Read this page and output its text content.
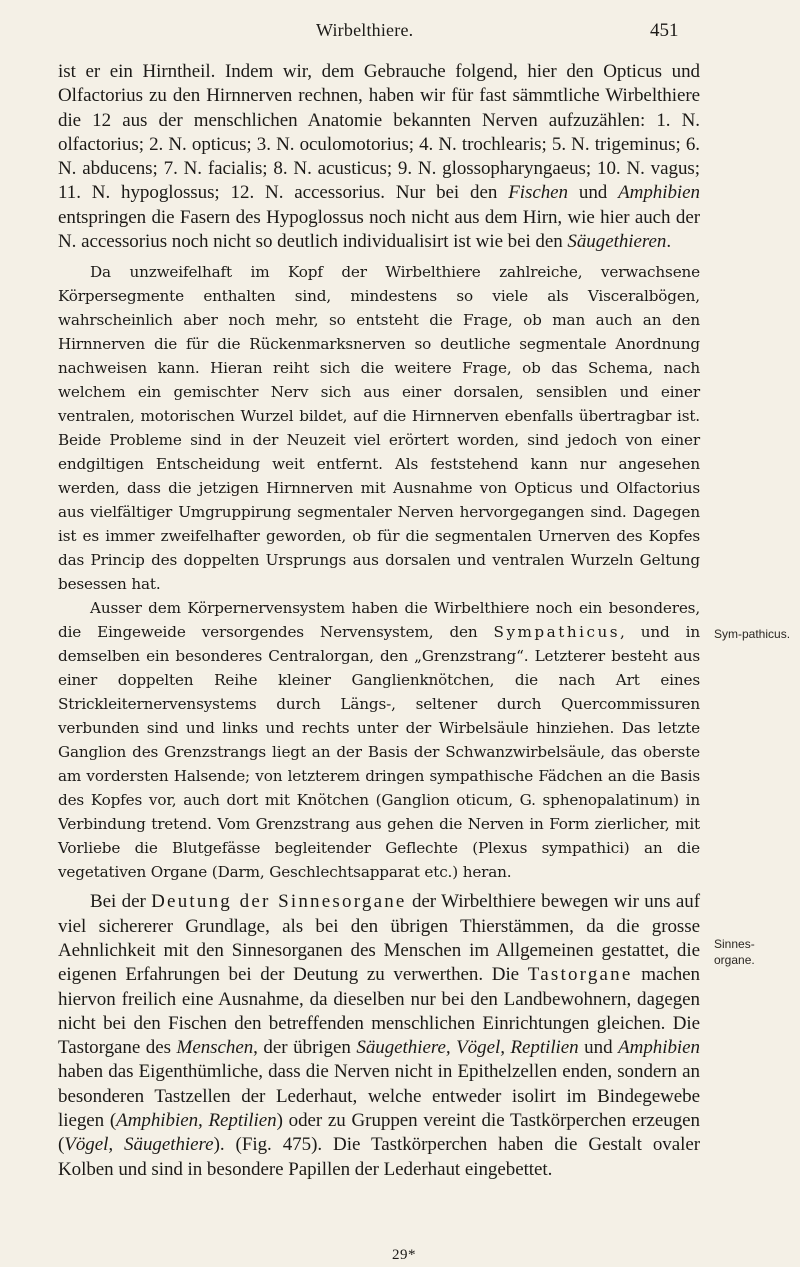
Wirbelthiere.	451

ist er ein Hirntheil. Indem wir, dem Gebrauche folgend, hier den Opticus und Olfactorius zu den Hirnnerven rechnen, haben wir für fast sämmtliche Wirbelthiere die 12 aus der menschlichen Anatomie bekannten Nerven aufzuzählen: 1. N. olfactorius; 2. N. opticus; 3. N. oculomotorius; 4. N. trochlearis; 5. N. trigeminus; 6. N. abducens; 7. N. facialis; 8. N. acusticus; 9. N. glossopharyngaeus; 10. N. vagus; 11. N. hypoglossus; 12. N. accessorius. Nur bei den Fischen und Amphibien entspringen die Fasern des Hypoglossus noch nicht aus dem Hirn, wie hier auch der N. accessorius noch nicht so deutlich individualisirt ist wie bei den Säugethieren.

Da unzweifelhaft im Kopf der Wirbelthiere zahlreiche, verwachsene Körpersegmente enthalten sind, mindestens so viele als Visceralbögen, wahrscheinlich aber noch mehr, so entsteht die Frage, ob man auch an den Hirnnerven die für die Rückenmarksnerven so deutliche segmentale Anordnung nachweisen kann. Hieran reiht sich die weitere Frage, ob das Schema, nach welchem ein gemischter Nerv sich aus einer dorsalen, sensiblen und einer ventralen, motorischen Wurzel bildet, auf die Hirnnerven ebenfalls übertragbar ist. Beide Probleme sind in der Neuzeit viel erörtert worden, sind jedoch von einer endgiltigen Entscheidung weit entfernt. Als feststehend kann nur angesehen werden, dass die jetzigen Hirnnerven mit Ausnahme von Opticus und Olfactorius aus vielfältiger Umgruppirung segmentaler Nerven hervorgegangen sind. Dagegen ist es immer zweifelhafter geworden, ob für die segmentalen Urnerven des Kopfes das Princip des doppelten Ursprungs aus dorsalen und ventralen Wurzeln Geltung besessen hat.

Ausser dem Körpernervensystem haben die Wirbelthiere noch ein besonderes, die Eingeweide versorgendes Nervensystem, den Sympathicus, und in demselben ein besonderes Centralorgan, den „Grenzstrang“. Letzterer besteht aus einer doppelten Reihe kleiner Ganglienknötchen, die nach Art eines Strickleiternervensystems durch Längs-, seltener durch Quercommissuren verbunden sind und links und rechts unter der Wirbelsäule hinziehen. Das letzte Ganglion des Grenzstrangs liegt an der Basis der Schwanzwirbelsäule, das oberste am vordersten Halsende; von letzterem dringen sympathische Fädchen an die Basis des Kopfes vor, auch dort mit Knötchen (Ganglion oticum, G. sphenopalatinum) in Verbindung tretend. Vom Grenzstrang aus gehen die Nerven in Form zierlicher, mit Vorliebe die Blutgefässe begleitender Geflechte (Plexus sympathici) an die vegetativen Organe (Darm, Geschlechtsapparat etc.) heran.

Bei der Deutung der Sinnesorgane der Wirbelthiere bewegen wir uns auf viel sichererer Grundlage, als bei den übrigen Thierstämmen, da die grosse Aehnlichkeit mit den Sinnesorganen des Menschen im Allgemeinen gestattet, die eigenen Erfahrungen bei der Deutung zu verwerthen. Die Tastorgane machen hiervon freilich eine Ausnahme, da dieselben nur bei den Landbewohnern, dagegen nicht bei den Fischen den betreffenden menschlichen Einrichtungen gleichen. Die Tastorgane des Menschen, der übrigen Säugethiere, Vögel, Reptilien und Amphibien haben das Eigenthümliche, dass die Nerven nicht in Epithelzellen enden, sondern an besonderen Tastzellen der Lederhaut, welche entweder isolirt im Bindegewebe liegen (Amphibien, Reptilien) oder zu Gruppen vereint die Tastkörperchen erzeugen (Vögel, Säugethiere). (Fig. 475). Die Tastkörperchen haben die Gestalt ovaler Kolben und sind in besondere Papillen der Lederhaut eingebettet.

Sym-pathicus.
Sinnes-organe.
29*
